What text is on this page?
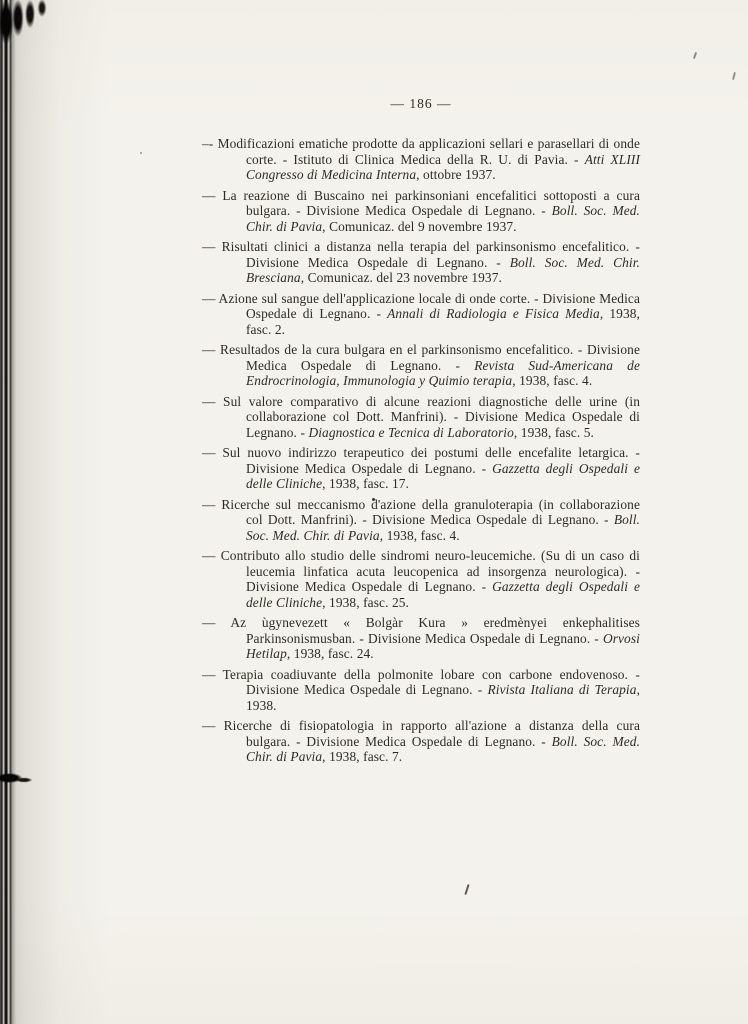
— 186 —

–- Modificazioni ematiche prodotte da applicazioni sellari e parasellari di onde corte. - Istituto di Clinica Medica della R. U. di Pavia. - Atti XLIII Congresso di Medicina Interna, ottobre 1937.

— La reazione di Buscaino nei parkinsoniani encefalitici sottoposti a cura bulgara. - Divisione Medica Ospedale di Legnano. - Boll. Soc. Med. Chir. di Pavia, Comunicaz. del 9 novembre 1937.

— Risultati clinici a distanza nella terapia del parkinsonismo encefalitico. - Divisione Medica Ospedale di Legnano. - Boll. Soc. Med. Chir. Bresciana, Comunicaz. del 23 novembre 1937.

— Azione sul sangue dell'applicazione locale di onde corte. - Divisione Medica Ospedale di Legnano. - Annali di Radiologia e Fisica Media, 1938, fasc. 2.

— Resultados de la cura bulgara en el parkinsonismo encefalitico. - Divisione Medica Ospedale di Legnano. - Revista Sud-Americana de Endrocrinologia, Immunologia y Quimio terapia, 1938, fasc. 4.

— Sul valore comparativo di alcune reazioni diagnostiche delle urine (in collaborazione col Dott. Manfrini). - Divisione Medica Ospedale di Legnano. - Diagnostica e Tecnica di Laboratorio, 1938, fasc. 5.

— Sul nuovo indirizzo terapeutico dei postumi delle encefalite letargica. - Divisione Medica Ospedale di Legnano. - Gazzetta degli Ospedali e delle Cliniche, 1938, fasc. 17.

— Ricerche sul meccanismo d'azione della granuloterapia (in collaborazione col Dott. Manfrini). - Divisione Medica Ospedale di Legnano. - Boll. Soc. Med. Chir. di Pavia, 1938, fasc. 4.

— Contributo allo studio delle sindromi neuro-leucemiche. (Su di un caso di leucemia linfatica acuta leucopenica ad insorgenza neurologica). - Divisione Medica Ospedale di Legnano. - Gazzetta degli Ospedali e delle Cliniche, 1938, fasc. 25.

— Az ùgynevezett « Bolgàr Kura » eredmènyei enkephalitises Parkinsonismusban. - Divisione Medica Ospedale di Legnano. - Orvosi Hetilap, 1938, fasc. 24.

— Terapia coadiuvante della polmonite lobare con carbone endovenoso. - Divisione Medica Ospedale di Legnano. - Rivista Italiana di Terapia, 1938.

— Ricerche di fisiopatologia in rapporto all'azione a distanza della cura bulgara. - Divisione Medica Ospedale di Legnano. - Boll. Soc. Med. Chir. di Pavia, 1938, fasc. 7.
